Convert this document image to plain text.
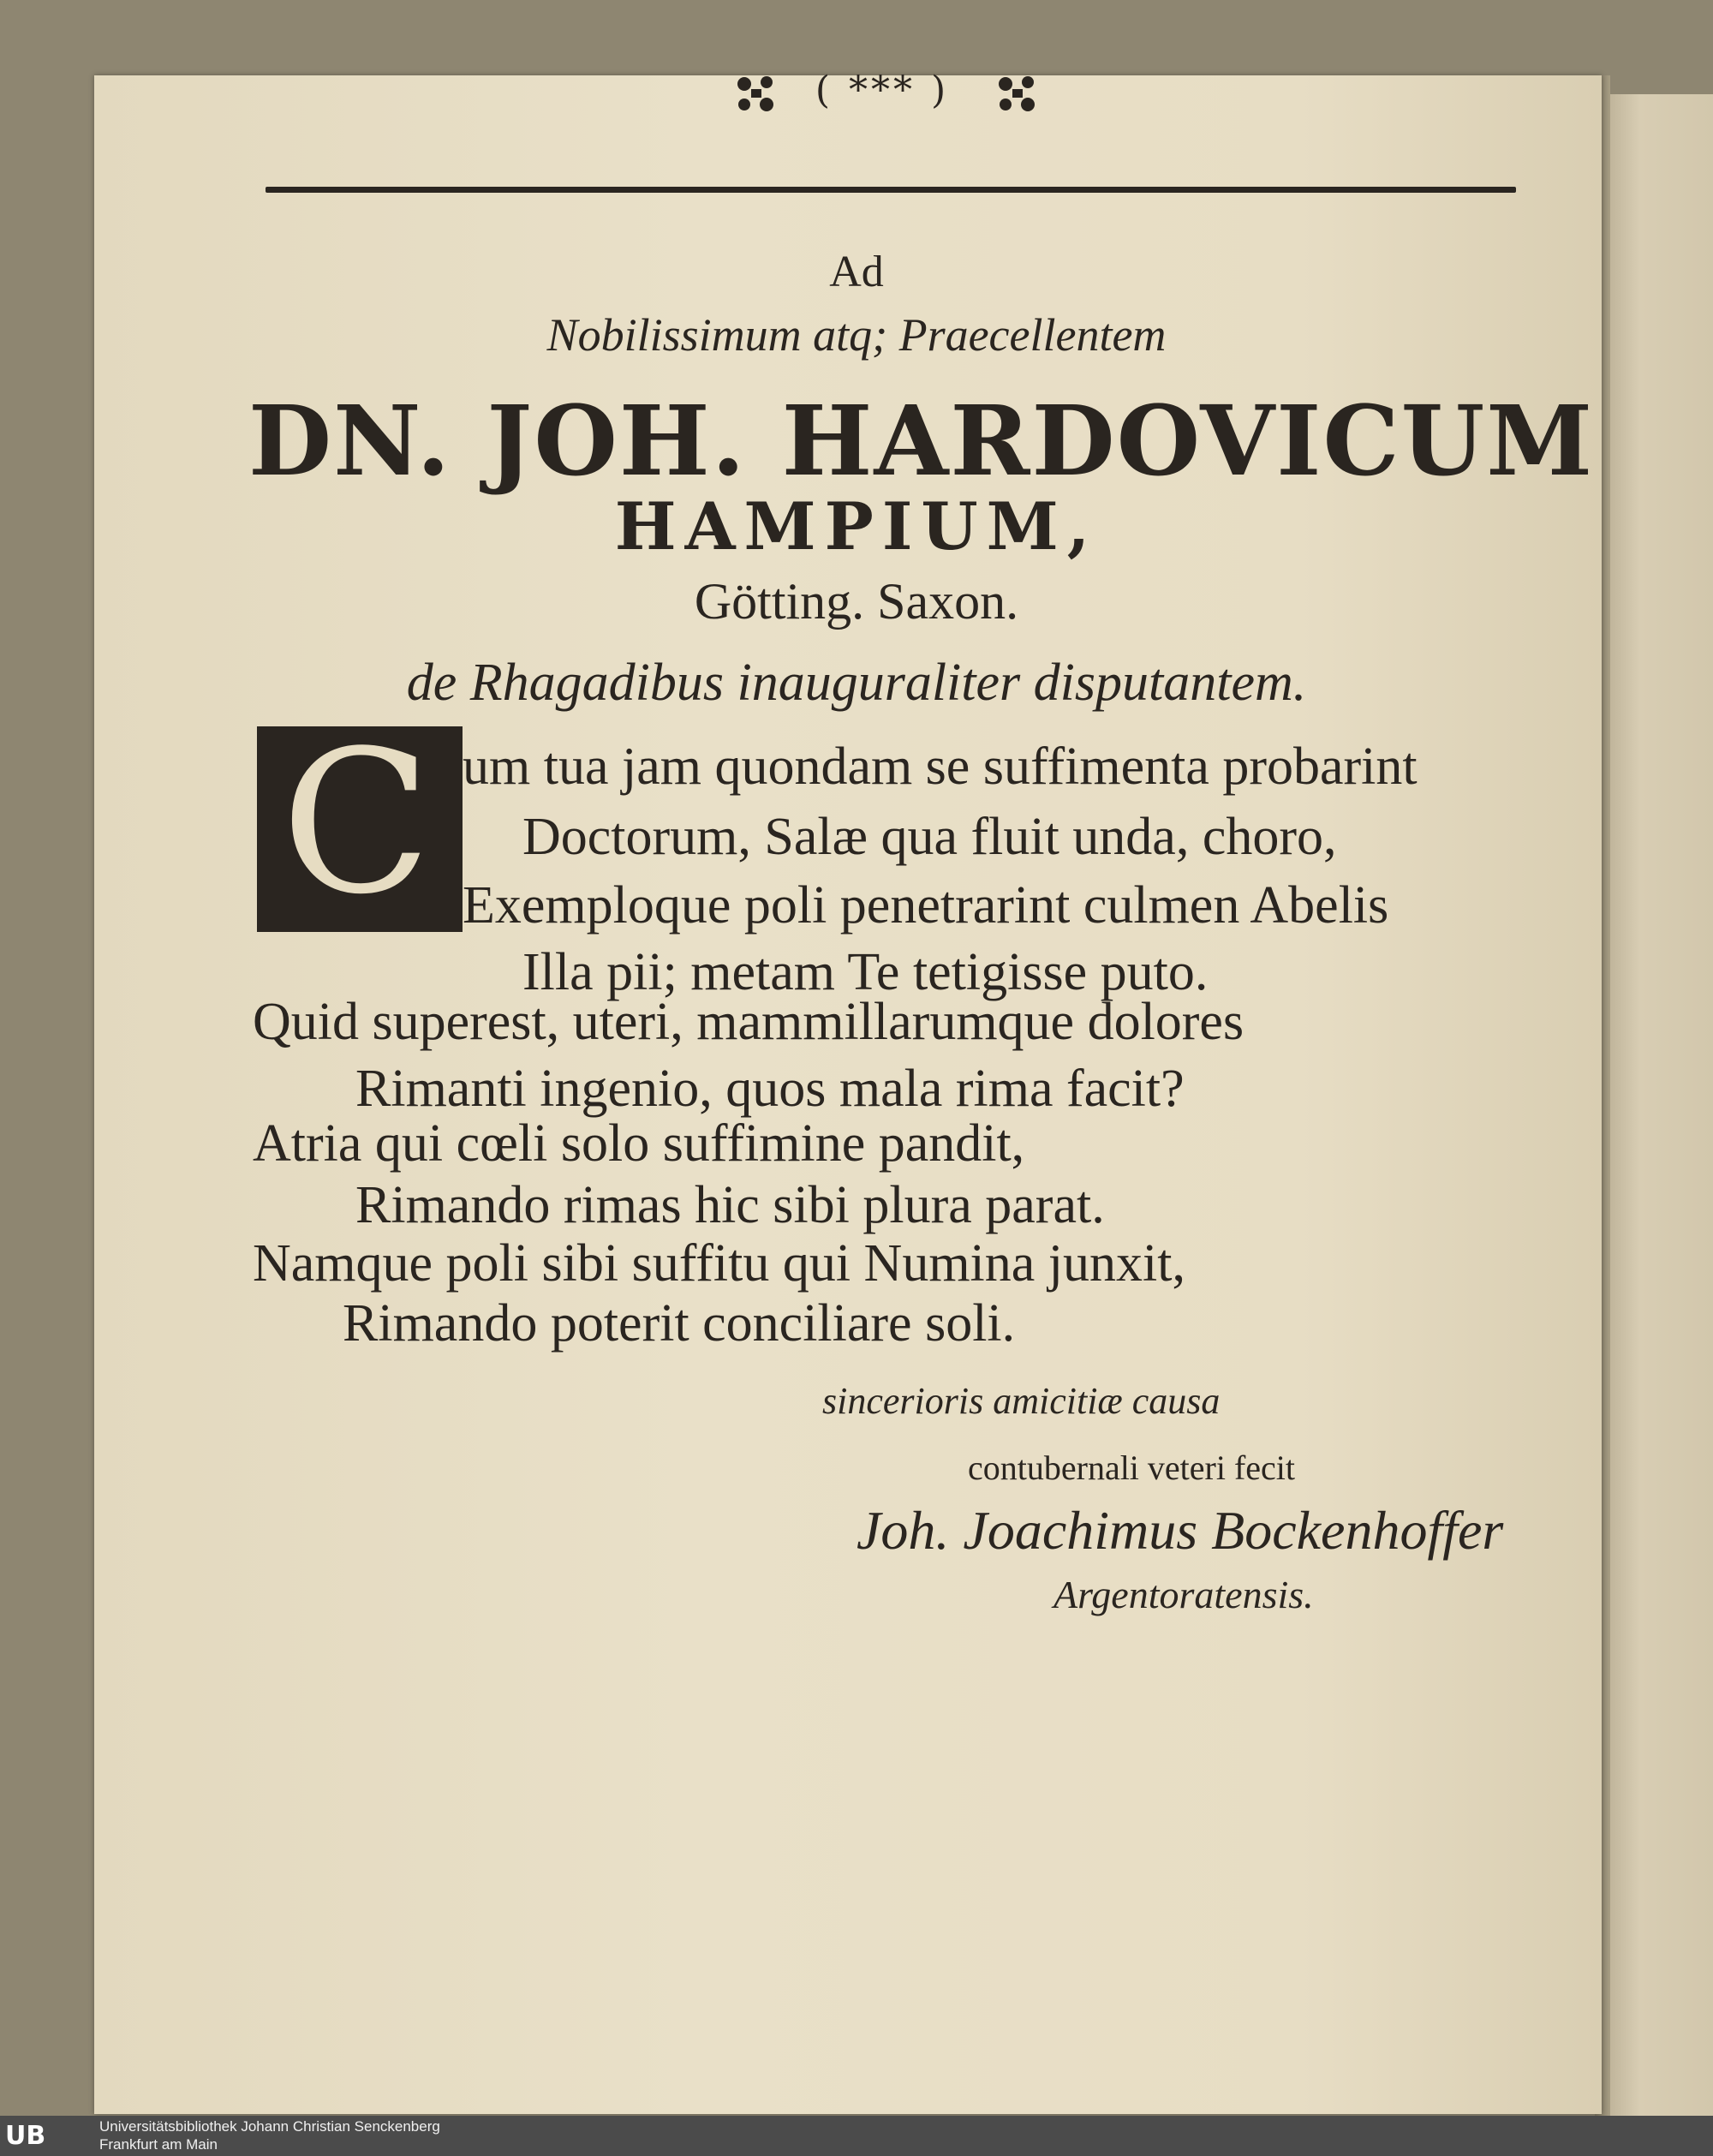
( *** )
Ad
Nobilissimum atq; Praecellentem
DN. JOH. HARDOVICUM
HAMPIUM,
Götting. Saxon.
de Rhagadibus inauguraliter disputantem.
C um tua jam quondam se suffimenta probarint
Doctorum, Salæ qua fluit unda, choro,
Exemploque poli penetrarint culmen Abelis
Illa pii; metam Te tetigisse puto.
Quid superest, uteri, mammillarumque dolores
Rimanti ingenio, quos mala rima facit?
Atria qui cœli solo suffimine pandit,
Rimando rimas hic sibi plura parat.
Namque poli sibi suffitu qui Numina junxit,
Rimando poterit conciliare soli.
sincerioris amicitiæ causa
contubernali veteri fecit
Joh. Joachimus Bockenhoffer
Argentoratensis.
UB	Universitätsbibliothek Johann Christian Senckenberg
Frankfurt am Main
